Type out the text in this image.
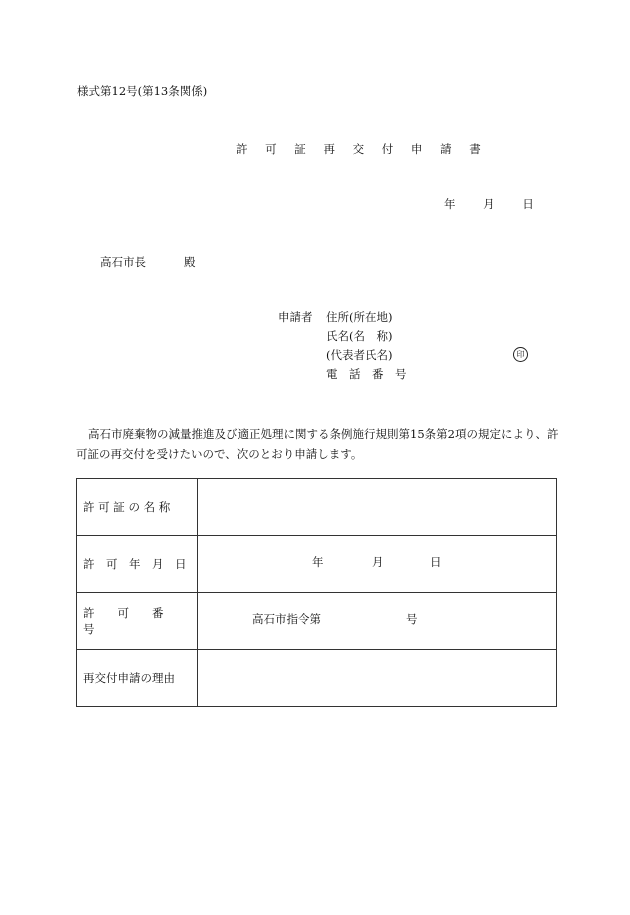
様式第12号(第13条関係)
許 可 証 再 交 付 申 請 書
年 月 日
高石市長	殿
申請者 住所(所在地)
氏名(名　称)
(代表者氏名)	印
電　話　番　号
高石市廃棄物の減量推進及び適正処理に関する条例施行規則第15条第2項の規定により、許可証の再交付を受けたいので、次のとおり申請します。
許 可 証 の 名 称	
許　可　年　月　日	年 月 日

許　　可　　番　　号	高石市指令第 号

再交付申請の理由	
